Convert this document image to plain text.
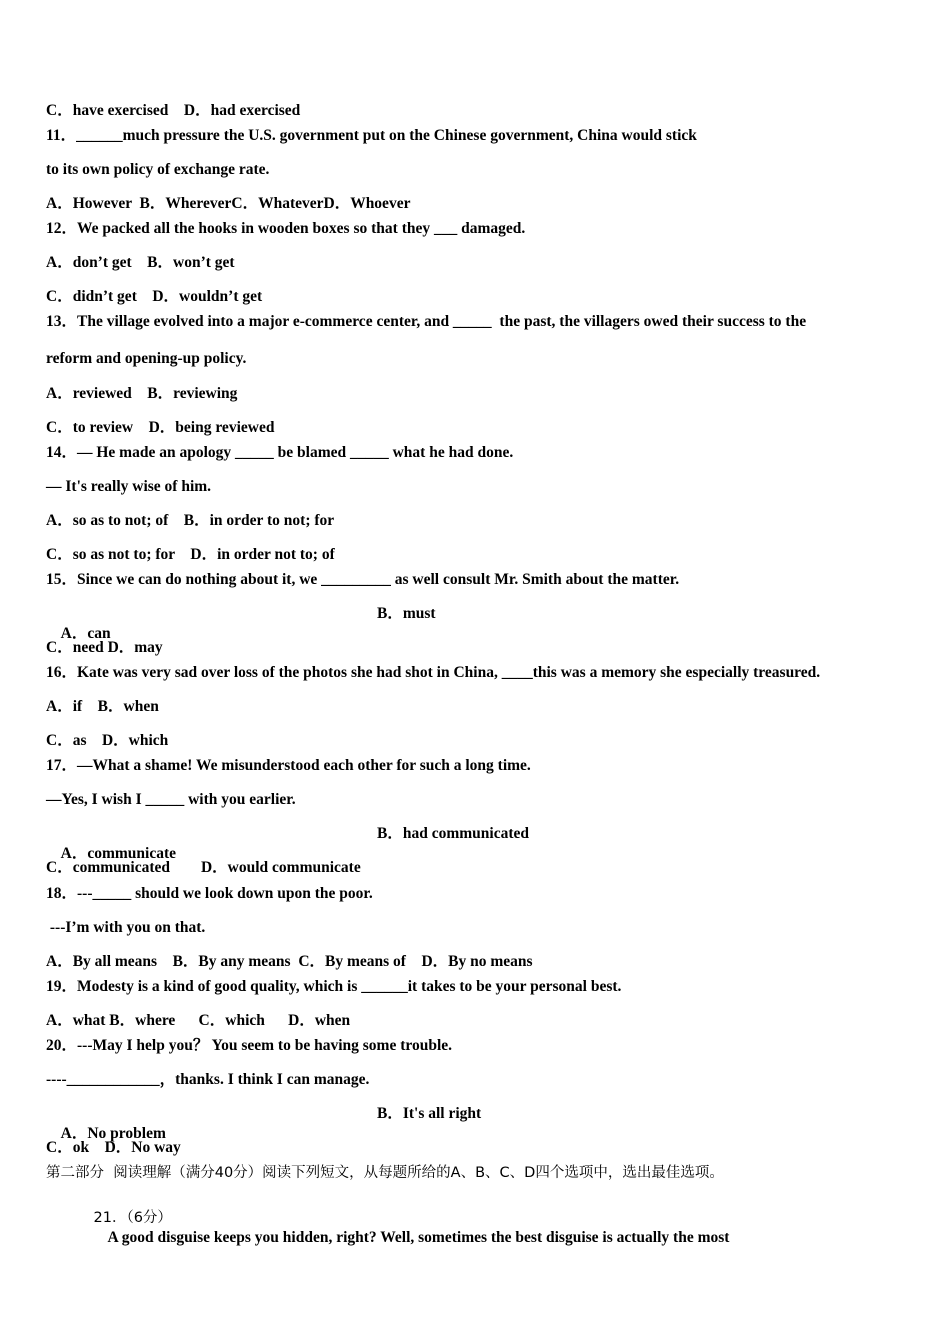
C．have exercised    D．had exercised
11．______much pressure the U.S. government put on the Chinese government, China would stick
to its own policy of exchange rate.
A．However  B．WhereverC．WhateverD．Whoever
12．We packed all the hooks in wooden boxes so that they ___ damaged.
A．don’t get    B．won’t get
C．didn’t get    D．wouldn’t get
13．The village evolved into a major e-commerce center, and _____  the past, the villagers owed their success to the
reform and opening-up policy.
A．reviewed    B．reviewing
C．to review    D．being reviewed
14．— He made an apology _____ be blamed _____ what he had done.
— It's really wise of him.
A．so as to not; of    B．in order to not; for
C．so as not to; for    D．in order not to; of
15．Since we can do nothing about it, we _________ as well consult Mr. Smith about the matter.

A．can

B．must

C．need D．may
16．Kate was very sad over loss of the photos she had shot in China, ____this was a memory she especially treasured.
A．if    B．when
C．as    D．which
17．—What a shame! We misunderstood each other for such a long time.
—Yes, I wish I _____ with you earlier.

A．communicate

B．had communicated

C．communicated        D．would communicate
18．---_____ should we look down upon the poor.
---I’m with you on that.
A．By all means    B．By any means  C．By means of    D．By no means
19．Modesty is a kind of good quality, which is ______it takes to be your personal best.
A．what B．where      C．which      D．when
20．---May I help you？ You seem to be having some trouble.
----____________，thanks. I think I can manage.

A．No problem

B．It's all right

C．ok    D．No way
第二部分  阅读理解（满分40分）阅读下列短文，从每题所给的A、B、C、D四个选项中，选出最佳选项。

21．（6分）
A good disguise keeps you hidden, right? Well, sometimes the best disguise is actually the most
